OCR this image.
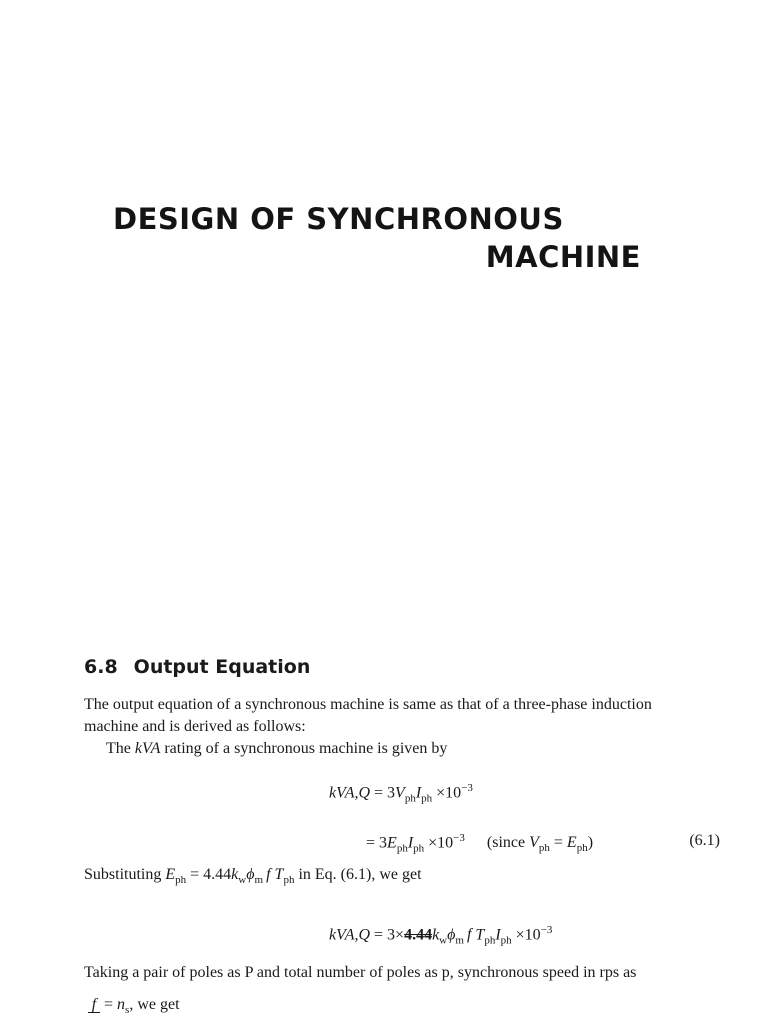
DESIGN OF SYNCHRONOUS
MACHINE
6.8 Output Equation
The output equation of a synchronous machine is same as that of a three-phase induction
machine and is derived as follows:
The kVA rating of a synchronous machine is given by
$kVA,Q = 3V_{ph}I_{ph} \times 10^{-3}$
= $3E_{ph}I_{ph} \times 10^{-3}$ (since $V_{ph} = E_{ph}$)	(6.1)
Substituting $E_{ph} = 4.44k_w\phi_m$ f $T_{ph}$ in Eq. (6.1), we get
$kVA,Q = 3\times 4.44k_w\phi_m$ f $T_{ph}I_{ph} \times 10^{-3}$
Taking a pair of poles as P and total number of poles as p, synchronous speed in rps as
$f = n_s$, we get
